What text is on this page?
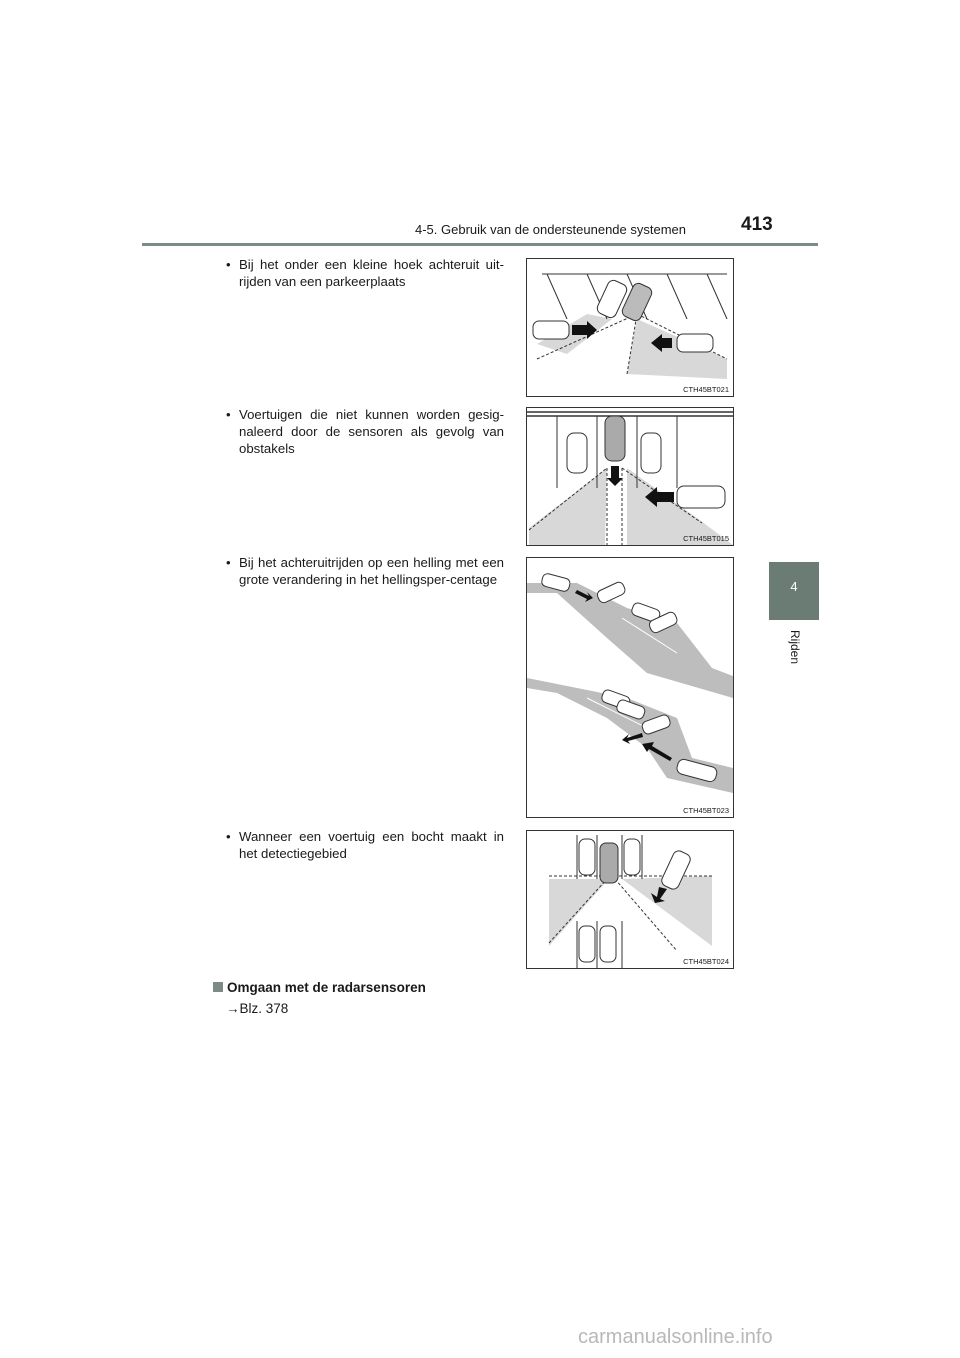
4-5. Gebruik van de ondersteunende systemen	413
4
Rijden
• Bij het onder een kleine hoek achteruit uit-rijden van een parkeerplaats
CTH45BT021
• Voertuigen die niet kunnen worden gesig-naleerd door de sensoren als gevolg van obstakels
CTH45BT015
• Bij het achteruitrijden op een helling met een grote verandering in het hellingsper-centage
CTH45BT023
• Wanneer een voertuig een bocht maakt in het detectiegebied
CTH45BT024
Omgaan met de radarsensoren
→Blz. 378
carmanualsonline.info
